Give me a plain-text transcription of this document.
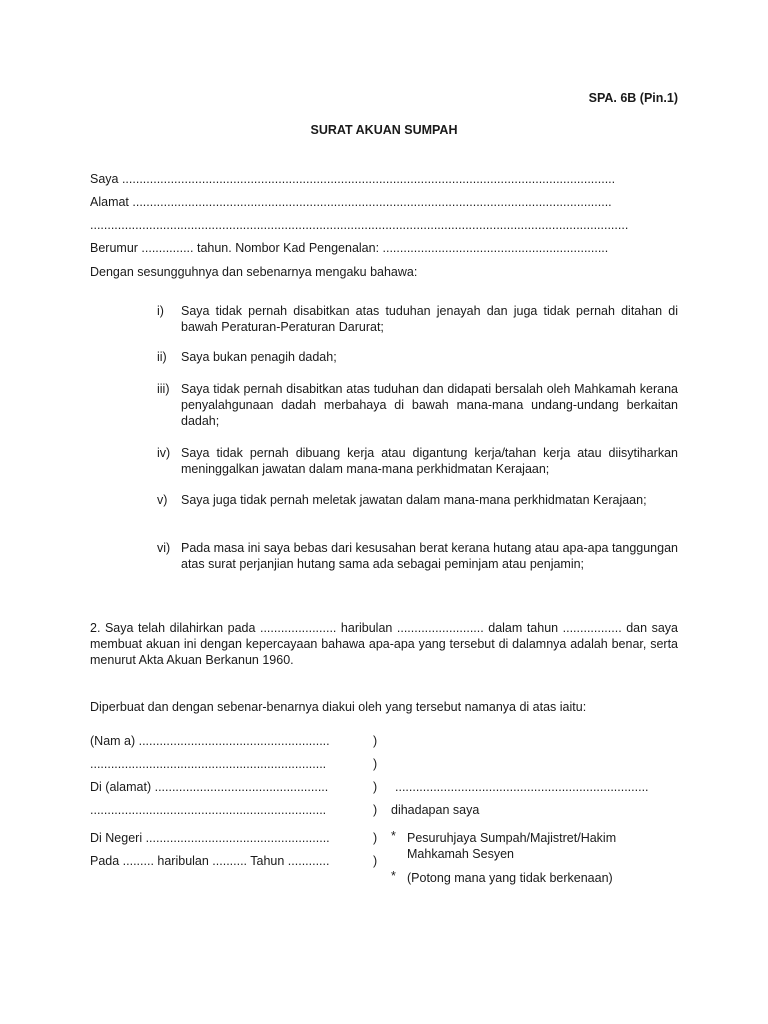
SPA. 6B (Pin.1)
SURAT AKUAN SUMPAH
Saya ..............................................................................................................................................
Alamat ..........................................................................................................................................
...........................................................................................................................................................
Berumur ............... tahun. Nombor Kad Pengenalan: .................................................................
Dengan sesungguhnya dan sebenarnya mengaku bahawa:
i)	Saya tidak pernah disabitkan atas tuduhan jenayah dan juga tidak pernah ditahan di bawah Peraturan-Peraturan Darurat;
ii)	Saya bukan penagih dadah;
iii) Saya tidak pernah disabitkan atas tuduhan dan didapati bersalah oleh Mahkamah kerana penyalahgunaan dadah merbahaya di bawah mana-mana undang-undang berkaitan dadah;
iv) Saya tidak pernah dibuang kerja atau digantung kerja/tahan kerja atau diisytiharkan meninggalkan jawatan dalam mana-mana perkhidmatan Kerajaan;
v)	Saya juga tidak pernah meletak jawatan dalam mana-mana perkhidmatan Kerajaan;
vi) Pada masa ini saya bebas dari kesusahan berat kerana hutang atau apa-apa tanggungan atas surat perjanjian hutang sama ada sebagai peminjam atau penjamin;
2. Saya telah dilahirkan pada ...................... haribulan ......................... dalam tahun ................. dan saya membuat akuan ini dengan kepercayaan bahawa apa-apa yang tersebut di dalamnya adalah benar, serta menurut Akta Akuan Berkanun 1960.
Diperbuat dan dengan sebenar-benarnya diakui oleh yang tersebut namanya di atas iaitu:
(Nam a) .......................................................	)
....................................................................	)
Di (alamat) ..................................................	) .........................................................................
....................................................................	) dihadapan saya
Di Negeri .....................................................	) * Pesuruhjaya Sumpah/Majistret/Hakim
Mahkamah Sesyen
Pada ......... haribulan .......... Tahun ............	)
* (Potong mana yang tidak berkenaan)
